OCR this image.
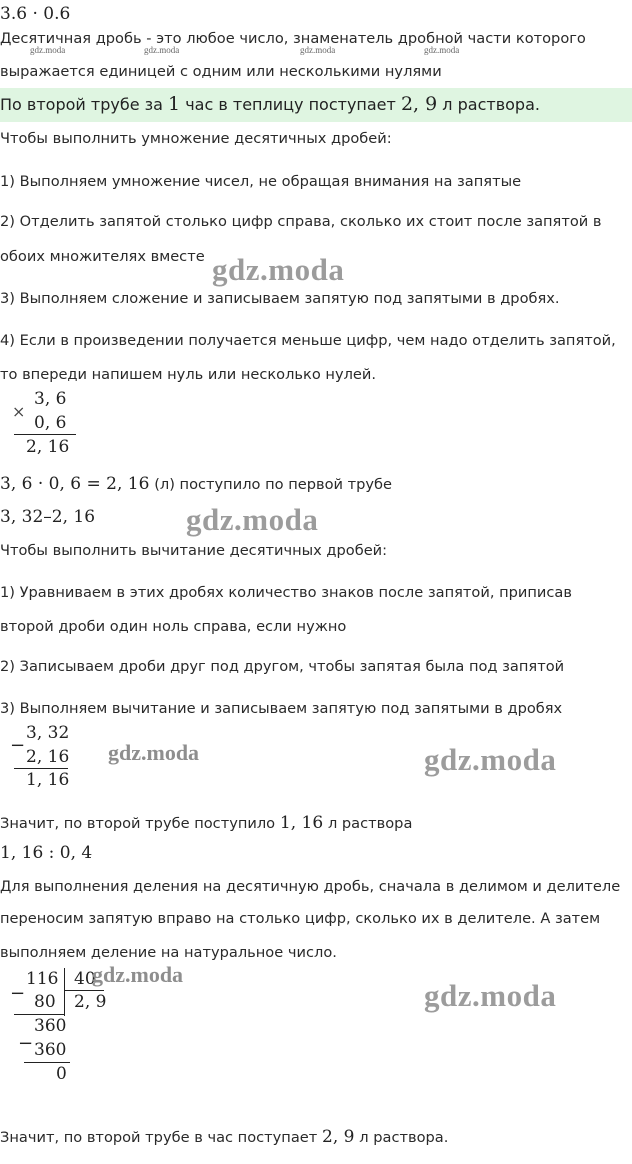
3.6 · 0.6
Десятичная дробь - это любое число, знаменатель дробной части которого
gdz.moda	gdz.moda	gdz.moda	gdz.moda
выражается единицей с одним или несколькими нулями
По второй трубе за 1 час в теплицу поступает 2, 9 л раствора.
Чтобы выполнить умножение десятичных дробей:
1) Выполняем умножение чисел, не обращая внимания на запятые
2) Отделить запятой столько цифр справа, сколько их стоит после запятой в
обоих множителях вместе gdz.moda
3) Выполняем сложение и записываем запятую под запятыми в дробях.
4) Если в произведении получается меньше цифр, чем надо отделить запятой,
то впереди напишем нуль или несколько нулей.
×
3, 6
0, 6
2, 16
3, 6 · 0, 6 = 2, 16 (л) поступило по первой трубе
3, 32–2, 16	gdz.moda
Чтобы выполнить вычитание десятичных дробей:
1) Уравниваем в этих дробях количество знаков после запятой, приписав
второй дроби один ноль справа, если нужно
2) Записываем дроби друг под другом, чтобы запятая была под запятой
3) Выполняем вычитание и записываем запятую под запятыми в дробях
−
3, 32
2, 16
1, 16
gdz.moda	gdz.moda
Значит, по второй трубе поступило 1, 16 л раствора
1, 16 : 0, 4
Для выполнения деления на десятичную дробь, сначала в делимом и делителе
переносим запятую вправо на столько цифр, сколько их в делителе. А затем
выполняем деление на натуральное число.
−
116 40
gdz.moda
80 2, 9
360
− 360
0
gdz.moda
Значит, по второй трубе в час поступает 2, 9 л раствора.
